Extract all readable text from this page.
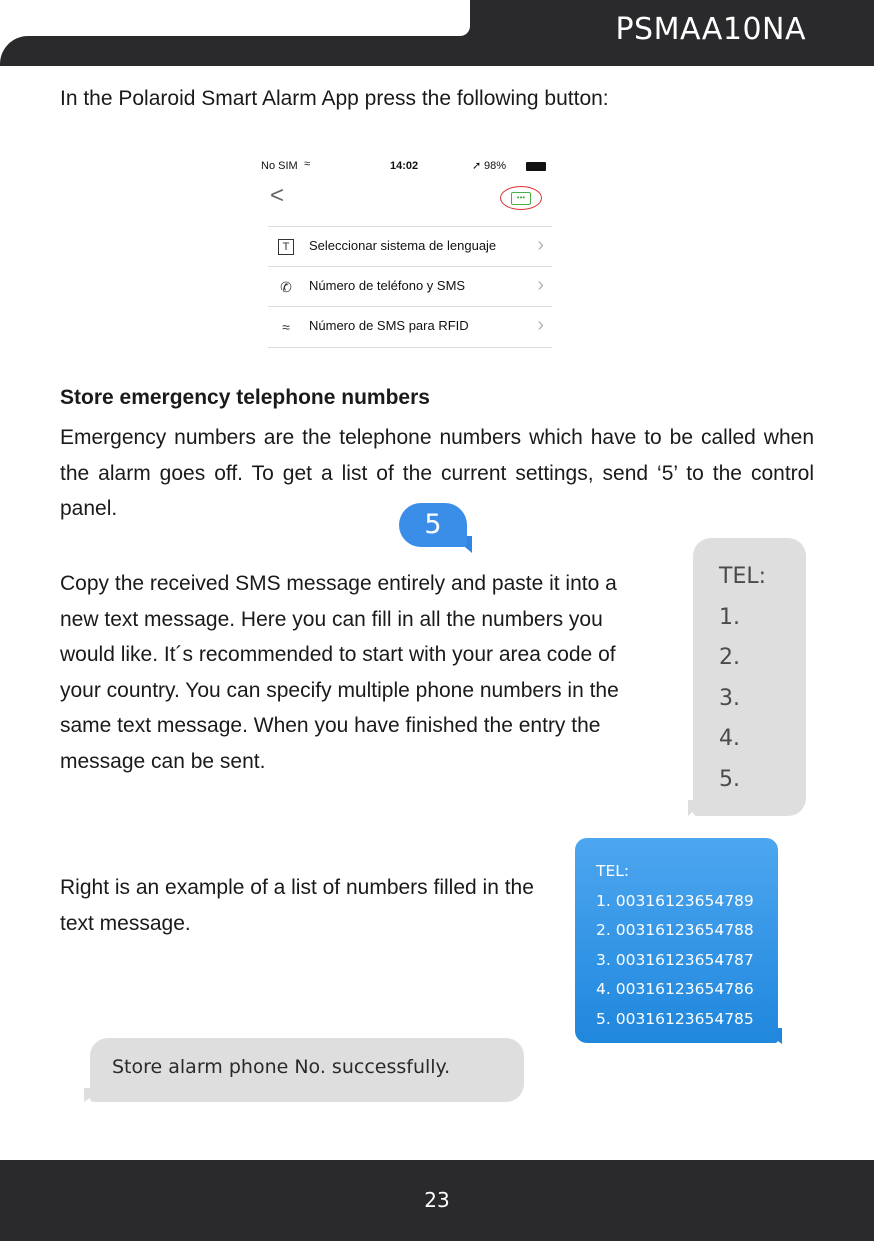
PSMAA10NA
In the Polaroid Smart Alarm App press the following button:
No SIM ≈	14:02	➚ 98%
<	•••
T	Seleccionar sistema de lenguaje ›
✆ Número de teléfono y SMS	›
≈	Número de SMS para RFID	›
Store emergency telephone numbers
Emergency numbers are the telephone numbers which have to be called when the alarm goes off. To get a list of the current settings, send ‘5’ to the control panel.
Copy the received SMS message entirely and paste it into a new text message. Here you can fill in all the numbers you would like. It´s recommended to start with your area code of your country. You can specify multiple phone numbers in the same text message. When you have finished the entry the message can be sent.
Right is an example of a list of numbers filled in the text message.
5
TEL:
1.
2.
3.
4.
5.
TEL:
1. 00316123654789
2. 00316123654788
3. 00316123654787
4. 00316123654786
5. 00316123654785
Store alarm phone No. successfully.
23
